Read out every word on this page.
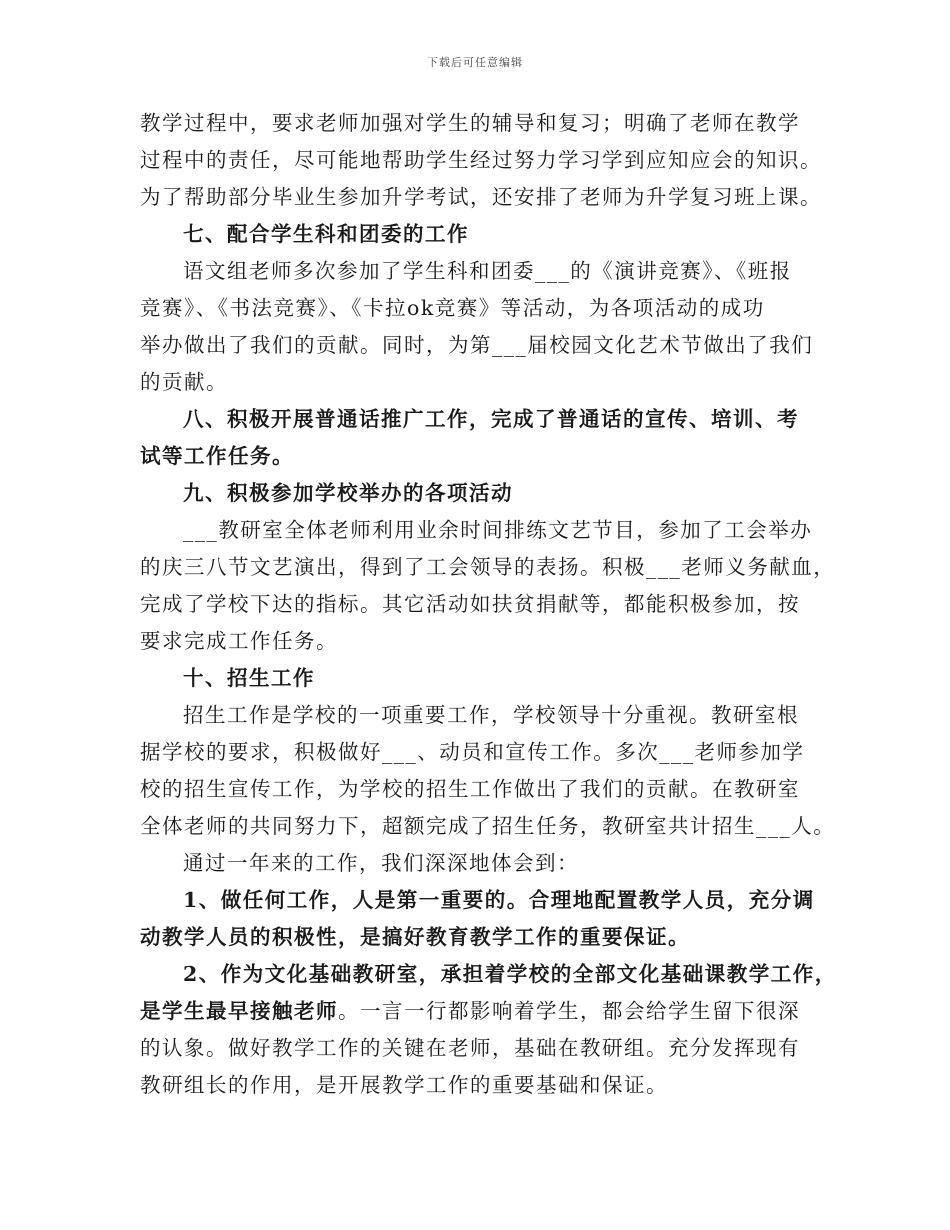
下载后可任意编辑
教学过程中，要求老师加强对学生的辅导和复习；明确了老师在教学
过程中的责任，尽可能地帮助学生经过努力学习学到应知应会的知识。
为了帮助部分毕业生参加升学考试，还安排了老师为升学复习班上课。
七、配合学生科和团委的工作
语文组老师多次参加了学生科和团委___的《演讲竞赛》、《班报
竞赛》、《书法竞赛》、《卡拉ok竞赛》等活动，为各项活动的成功
举办做出了我们的贡献。同时，为第___届校园文化艺术节做出了我们
的贡献。
八、积极开展普通话推广工作，完成了普通话的宣传、培训、考
试等工作任务。
九、积极参加学校举办的各项活动
___教研室全体老师利用业余时间排练文艺节目，参加了工会举办
的庆三八节文艺演出，得到了工会领导的表扬。积极___老师义务献血，
完成了学校下达的指标。其它活动如扶贫捐献等，都能积极参加，按
要求完成工作任务。
十、招生工作
招生工作是学校的一项重要工作，学校领导十分重视。教研室根
据学校的要求，积极做好___、动员和宣传工作。多次___老师参加学
校的招生宣传工作，为学校的招生工作做出了我们的贡献。在教研室
全体老师的共同努力下，超额完成了招生任务，教研室共计招生___人。
通过一年来的工作，我们深深地体会到：
1、做任何工作，人是第一重要的。合理地配置教学人员，充分调
动教学人员的积极性，是搞好教育教学工作的重要保证。
2、作为文化基础教研室，承担着学校的全部文化基础课教学工作，
是学生最早接触老师。一言一行都影响着学生，都会给学生留下很深
的认象。做好教学工作的关键在老师，基础在教研组。充分发挥现有
教研组长的作用，是开展教学工作的重要基础和保证。
